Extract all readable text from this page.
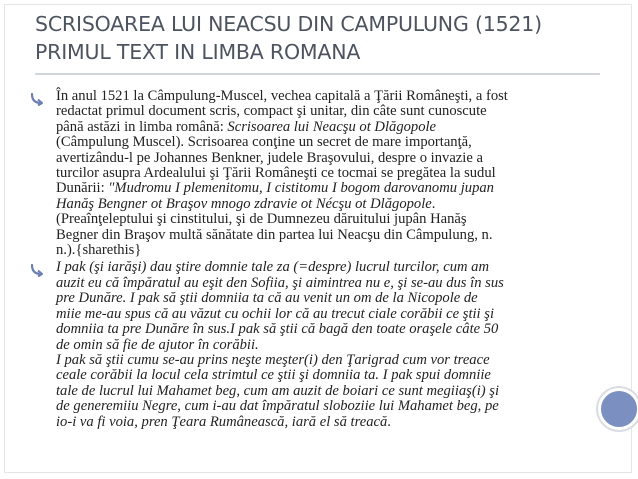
SCRISOAREA LUI NEACSU DIN CAMPULUNG (1521)
PRIMUL TEXT IN LIMBA ROMANA
În anul 1521 la Câmpulung-Muscel, vechea capitală a Ţării Româneşti, a fost
redactat primul document scris, compact şi unitar, din câte sunt cunoscute
până astăzi in limba română: Scrisoarea lui Neacşu ot Dlăgopole
(Câmpulung Muscel). Scrisoarea conţine un secret de mare importanţă,
avertizându-l pe Johannes Benkner, judele Braşovului, despre o invazie a
turcilor asupra Ardealului şi Ţării Româneşti ce tocmai se pregătea la sudul
Dunării: "Mudromu I plemenitomu, I cistitomu I bogom darovanomu jupan
Hanăş Bengner ot Braşov mnogo zdravie ot Nécşu ot Dlăgopole.
(Preaînţeleptului şi cinstitului, şi de Dumnezeu dăruitului jupân Hanăş
Begner din Braşov multă sănătate din partea lui Neacşu din Câmpulung, n.
n.).{sharethis}
I pak (şi iarăşi) dau ştire domnie tale za (=despre) lucrul turcilor, cum am
auzit eu că împăratul au eşit den Sofiia, şi aimintrea nu e, şi se-au dus în sus
pre Dunăre. I pak să ştii domniia ta că au venit un om de la Nicopole de
miie me-au spus că au văzut cu ochii lor că au trecut ciale corăbii ce ştii şi
domniia ta pre Dunăre în sus.I pak să ştii că bagă den toate oraşele câte 50
de omin să fie de ajutor în corăbii.
I pak să ştii cumu se-au prins neşte meşter(i) den Ţarigrad cum vor treace
ceale corăbii la locul cela strimtul ce ştii şi domniia ta. I pak spui domniie
tale de lucrul lui Mahamet beg, cum am auzit de boiari ce sunt megiiaş(i) şi
de generemiiu Negre, cum i-au dat împăratul sloboziie lui Mahamet beg, pe
io-i va fi voia, pren Ţeara Rumânească, iară el să treacă.
